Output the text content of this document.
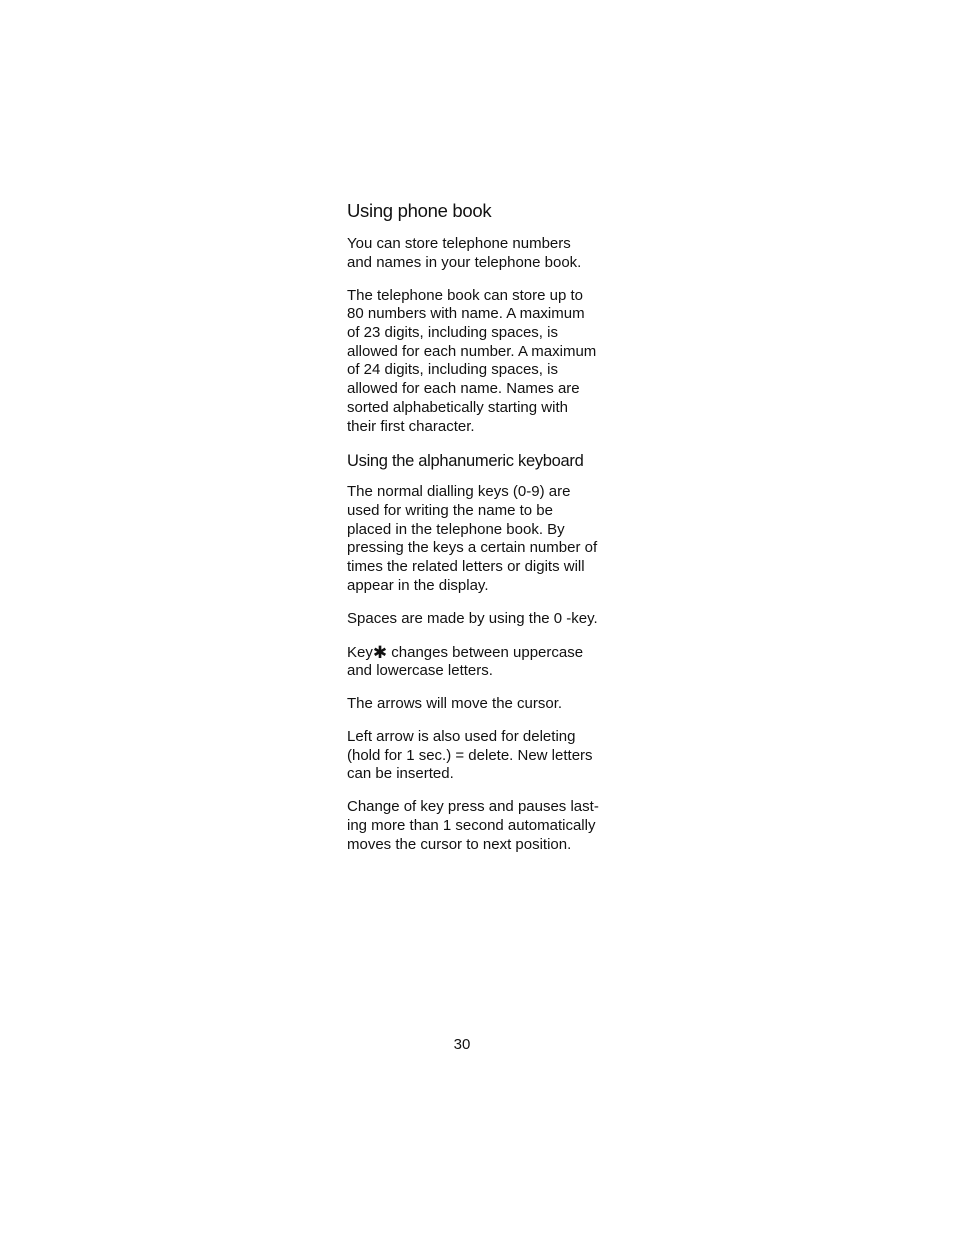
Using phone book

You can store telephone numbers
and names in your telephone book.

The telephone book can store up to
80 numbers with name. A maximum
of 23 digits, including spaces, is
allowed for each number. A maximum
of 24 digits, including spaces, is
allowed for each name. Names are
sorted alphabetically starting with
their first character.

Using the alphanumeric keyboard

The normal dialling keys (0-9) are
used for writing the name to be
placed in the telephone book. By
pressing the keys a certain number of
times the related letters or digits will
appear in the display.

Spaces are made by using the 0 -key.

Key✱ changes between uppercase
and lowercase letters.

The arrows will move the cursor.

Left arrow is also used for deleting
(hold for 1 sec.) = delete. New letters
can be inserted.

Change of key press and pauses last-
ing more than 1 second automatically
moves the cursor to next position.

30
